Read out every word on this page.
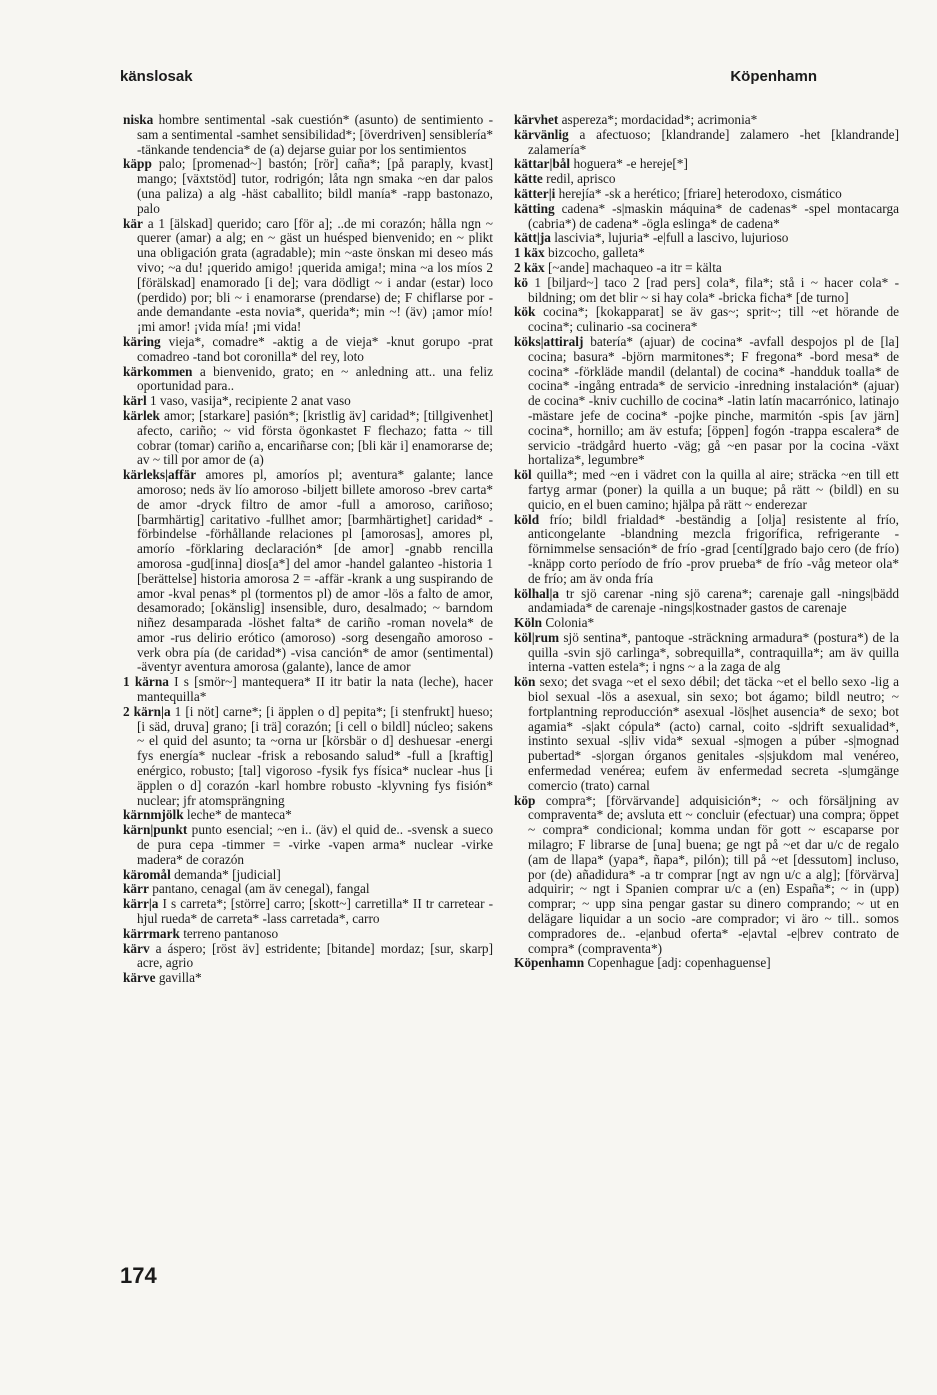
känslosak	Köpenhamn

niska hombre sentimental -sak cuestión* (asunto) de sentimiento -sam a sentimental -samhet sensibilidad*; [överdriven] sensiblería* -tänkande tendencia* de (a) dejarse guiar por los sentimientos

käpp palo; [promenad~] bastón; [rör] caña*; [på paraply, kvast] mango; [växtstöd] tutor, rodrigón; låta ngn smaka ~en dar palos (una paliza) a alg -häst caballito; bildl manía* -rapp bastonazo, palo

kär a 1 [älskad] querido; caro [för a]; ..de mi corazón; hålla ngn ~ querer (amar) a alg; en ~ gäst un huésped bienvenido; en ~ plikt una obligación grata (agradable); min ~aste önskan mi deseo más vivo; ~a du! ¡querido amigo! ¡querida amiga!; mina ~a los míos 2 [förälskad] enamorado [i de]; vara dödligt ~ i andar (estar) loco (perdido) por; bli ~ i enamorarse (prendarse) de; F chiflarse por -ande demandante -esta novia*, querida*; min ~! (äv) ¡amor mío! ¡mi amor! ¡vida mía! ¡mi vida!

käring vieja*, comadre* -aktig a de vieja* -knut gorupo -prat comadreo -tand bot coronilla* del rey, loto

kärkommen a bienvenido, grato; en ~ anledning att.. una feliz oportunidad para..

kärl 1 vaso, vasija*, recipiente 2 anat vaso

kärlek amor; [starkare] pasión*; [kristlig äv] caridad*; [tillgivenhet] afecto, cariño; ~ vid första ögonkastet F flechazo; fatta ~ till cobrar (tomar) cariño a, encariñarse con; [bli kär i] enamorarse de; av ~ till por amor de (a)

kärleks|affär amores pl, amoríos pl; aventura* galante; lance amoroso; neds äv lío amoroso -biljett billete amoroso -brev carta* de amor -dryck filtro de amor -full a amoroso, cariñoso; [barmhärtig] caritativo -fullhet amor; [barmhärtighet] caridad* -förbindelse -förhållande relaciones pl [amorosas], amores pl, amorío -förklaring declaración* [de amor] -gnabb rencilla amorosa -gud[inna] dios[a*] del amor -handel galanteo -historia 1 [berättelse] historia amorosa 2 = -affär -krank a ung suspirando de amor -kval penas* pl (tormentos pl) de amor -lös a falto de amor, desamorado; [okänslig] insensible, duro, desalmado; ~ barndom niñez desamparada -löshet falta* de cariño -roman novela* de amor -rus delirio erótico (amoroso) -sorg desengaño amoroso -verk obra pía (de caridad*) -visa canción* de amor (sentimental) -äventyr aventura amorosa (galante), lance de amor

1 kärna I s [smör~] mantequera* II itr batir la nata (leche), hacer mantequilla*

2 kärn|a 1 [i nöt] carne*; [i äpplen o d] pepita*; [i stenfrukt] hueso; [i säd, druva] grano; [i trä] corazón; [i cell o bildl] núcleo; sakens ~ el quid del asunto; ta ~orna ur [körsbär o d] deshuesar -energi fys energía* nuclear -frisk a rebosando salud* -full a [kraftig] enérgico, robusto; [tal] vigoroso -fysik fys física* nuclear -hus [i äpplen o d] corazón -karl hombre robusto -klyvning fys fisión* nuclear; jfr atomsprängning

kärnmjölk leche* de manteca*

kärn|punkt punto esencial; ~en i.. (äv) el quid de.. -svensk a sueco de pura cepa -timmer = -virke -vapen arma* nuclear -virke madera* de corazón

käromål demanda* [judicial]

kärr pantano, cenagal (am äv cenegal), fangal

kärr|a I s carreta*; [större] carro; [skott~] carretilla* II tr carretear -hjul rueda* de carreta* -lass carretada*, carro

kärrmark terreno pantanoso

kärv a áspero; [röst äv] estridente; [bitande] mordaz; [sur, skarp] acre, agrio

kärve gavilla*

kärvhet aspereza*; mordacidad*; acrimonia*

kärvänlig a afectuoso; [klandrande] zalamero -het [klandrande] zalamería*

kättar|bål hoguera* -e hereje[*]

kätte redil, aprisco

kätter|i herejía* -sk a herético; [friare] heterodoxo, cismático

kätting cadena* -s|maskin máquina* de cadenas* -spel montacarga (cabria*) de cadena* -ögla eslinga* de cadena*

kätt|ja lascivia*, lujuria* -e|full a lascivo, lujurioso

1 käx bizcocho, galleta*

2 käx [~ande] machaqueo -a itr = kälta

kö 1 [biljard~] taco 2 [rad pers] cola*, fila*; stå i ~ hacer cola* -bildning; om det blir ~ si hay cola* -bricka ficha* [de turno]

kök cocina*; [kokapparat] se äv gas~; sprit~; till ~et hörande de cocina*; culinario -sa cocinera*

köks|attiralj batería* (ajuar) de cocina* -avfall despojos pl de [la] cocina; basura* -björn marmitones*; F fregona* -bord mesa* de cocina* -förkläde mandil (delantal) de cocina* -handduk toalla* de cocina* -ingång entrada* de servicio -inredning instalación* (ajuar) de cocina* -kniv cuchillo de cocina* -latin latín macarrónico, latinajo -mästare jefe de cocina* -pojke pinche, marmitón -spis [av järn] cocina*, hornillo; am äv estufa; [öppen] fogón -trappa escalera* de servicio -trädgård huerto -väg; gå ~en pasar por la cocina -växt hortaliza*, legumbre*

köl quilla*; med ~en i vädret con la quilla al aire; sträcka ~en till ett fartyg armar (poner) la quilla a un buque; på rätt ~ (bildl) en su quicio, en el buen camino; hjälpa på rätt ~ enderezar

köld frío; bildl frialdad* -beständig a [olja] resistente al frío, anticongelante -blandning mezcla frigorífica, refrigerante -förnimmelse sensación* de frío -grad [centí]grado bajo cero (de frío) -knäpp corto período de frío -prov prueba* de frío -våg meteor ola* de frío; am äv onda fría

kölhal|a tr sjö carenar -ning sjö carena*; carenaje gall -nings|bädd andamiada* de carenaje -nings|kostnader gastos de carenaje

Köln Colonia*

köl|rum sjö sentina*, pantoque -sträckning armadura* (postura*) de la quilla -svin sjö carlinga*, sobrequilla*, contraquilla*; am äv quilla interna -vatten estela*; i ngns ~ a la zaga de alg

kön sexo; det svaga ~et el sexo débil; det täcka ~et el bello sexo -lig a biol sexual -lös a asexual, sin sexo; bot ágamo; bildl neutro; ~ fortplantning reproducción* asexual -lös|het ausencia* de sexo; bot agamia* -s|akt cópula* (acto) carnal, coito -s|drift sexualidad*, instinto sexual -s|liv vida* sexual -s|mogen a púber -s|mognad pubertad* -s|organ órganos genitales -s|sjukdom mal venéreo, enfermedad venérea; eufem äv enfermedad secreta -s|umgänge comercio (trato) carnal

köp compra*; [förvärvande] adquisición*; ~ och försäljning av compraventa* de; avsluta ett ~ concluir (efectuar) una compra; öppet ~ compra* condicional; komma undan för gott ~ escaparse por milagro; F librarse de [una] buena; ge ngt på ~et dar u/c de regalo (am de llapa* (yapa*, ñapa*, pilón); till på ~et [dessutom] incluso, por (de) añadidura* -a tr comprar [ngt av ngn u/c a alg]; [förvärva] adquirir; ~ ngt i Spanien comprar u/c a (en) España*; ~ in (upp) comprar; ~ upp sina pengar gastar su dinero comprando; ~ ut en delägare liquidar a un socio -are comprador; vi äro ~ till.. somos compradores de.. -e|anbud oferta* -e|avtal -e|brev contrato de compra* (compraventa*)

Köpenhamn Copenhague [adj: copenhaguense]

174
